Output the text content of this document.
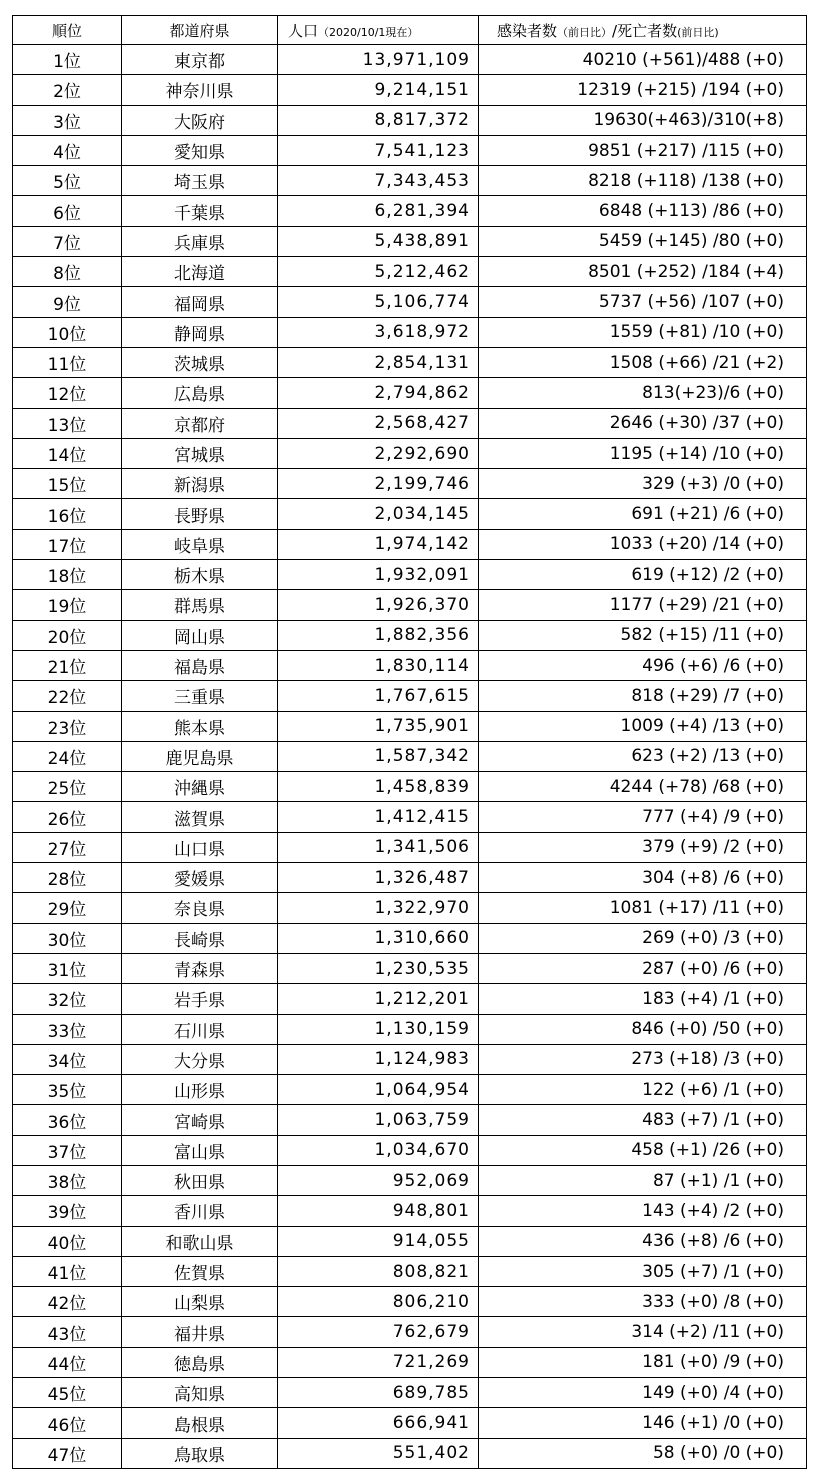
順位	都道府県	人口（2020/10/1現在）	感染者数（前日比）/死亡者数(前日比)
1位	東京都	13,971,109	40210 (+561)/488 (+0)
2位	神奈川県	9,214,151	12319 (+215) /194 (+0)
3位	大阪府	8,817,372	19630(+463)/310(+8)
4位	愛知県	7,541,123	9851 (+217) /115 (+0)
5位	埼玉県	7,343,453	8218 (+118) /138 (+0)
6位	千葉県	6,281,394	6848 (+113) /86 (+0)
7位	兵庫県	5,438,891	5459 (+145) /80 (+0)
8位	北海道	5,212,462	8501 (+252) /184 (+4)
9位	福岡県	5,106,774	5737 (+56) /107 (+0)
10位	静岡県	3,618,972	1559 (+81) /10 (+0)
11位	茨城県	2,854,131	1508 (+66) /21 (+2)
12位	広島県	2,794,862	813(+23)/6 (+0)
13位	京都府	2,568,427	2646 (+30) /37 (+0)
14位	宮城県	2,292,690	1195 (+14) /10 (+0)
15位	新潟県	2,199,746	329 (+3) /0 (+0)
16位	長野県	2,034,145	691 (+21) /6 (+0)
17位	岐阜県	1,974,142	1033 (+20) /14 (+0)
18位	栃木県	1,932,091	619 (+12) /2 (+0)
19位	群馬県	1,926,370	1177 (+29) /21 (+0)
20位	岡山県	1,882,356	582 (+15) /11 (+0)
21位	福島県	1,830,114	496 (+6) /6 (+0)
22位	三重県	1,767,615	818 (+29) /7 (+0)
23位	熊本県	1,735,901	1009 (+4) /13 (+0)
24位	鹿児島県	1,587,342	623 (+2) /13 (+0)
25位	沖縄県	1,458,839	4244 (+78) /68 (+0)
26位	滋賀県	1,412,415	777 (+4) /9 (+0)
27位	山口県	1,341,506	379 (+9) /2 (+0)
28位	愛媛県	1,326,487	304 (+8) /6 (+0)
29位	奈良県	1,322,970	1081 (+17) /11 (+0)
30位	長崎県	1,310,660	269 (+0) /3 (+0)
31位	青森県	1,230,535	287 (+0) /6 (+0)
32位	岩手県	1,212,201	183 (+4) /1 (+0)
33位	石川県	1,130,159	846 (+0) /50 (+0)
34位	大分県	1,124,983	273 (+18) /3 (+0)
35位	山形県	1,064,954	122 (+6) /1 (+0)
36位	宮崎県	1,063,759	483 (+7) /1 (+0)
37位	富山県	1,034,670	458 (+1) /26 (+0)
38位	秋田県	952,069	87 (+1) /1 (+0)
39位	香川県	948,801	143 (+4) /2 (+0)
40位	和歌山県	914,055	436 (+8) /6 (+0)
41位	佐賀県	808,821	305 (+7) /1 (+0)
42位	山梨県	806,210	333 (+0) /8 (+0)
43位	福井県	762,679	314 (+2) /11 (+0)
44位	徳島県	721,269	181 (+0) /9 (+0)
45位	高知県	689,785	149 (+0) /4 (+0)
46位	島根県	666,941	146 (+1) /0 (+0)
47位	鳥取県	551,402	58 (+0) /0 (+0)
